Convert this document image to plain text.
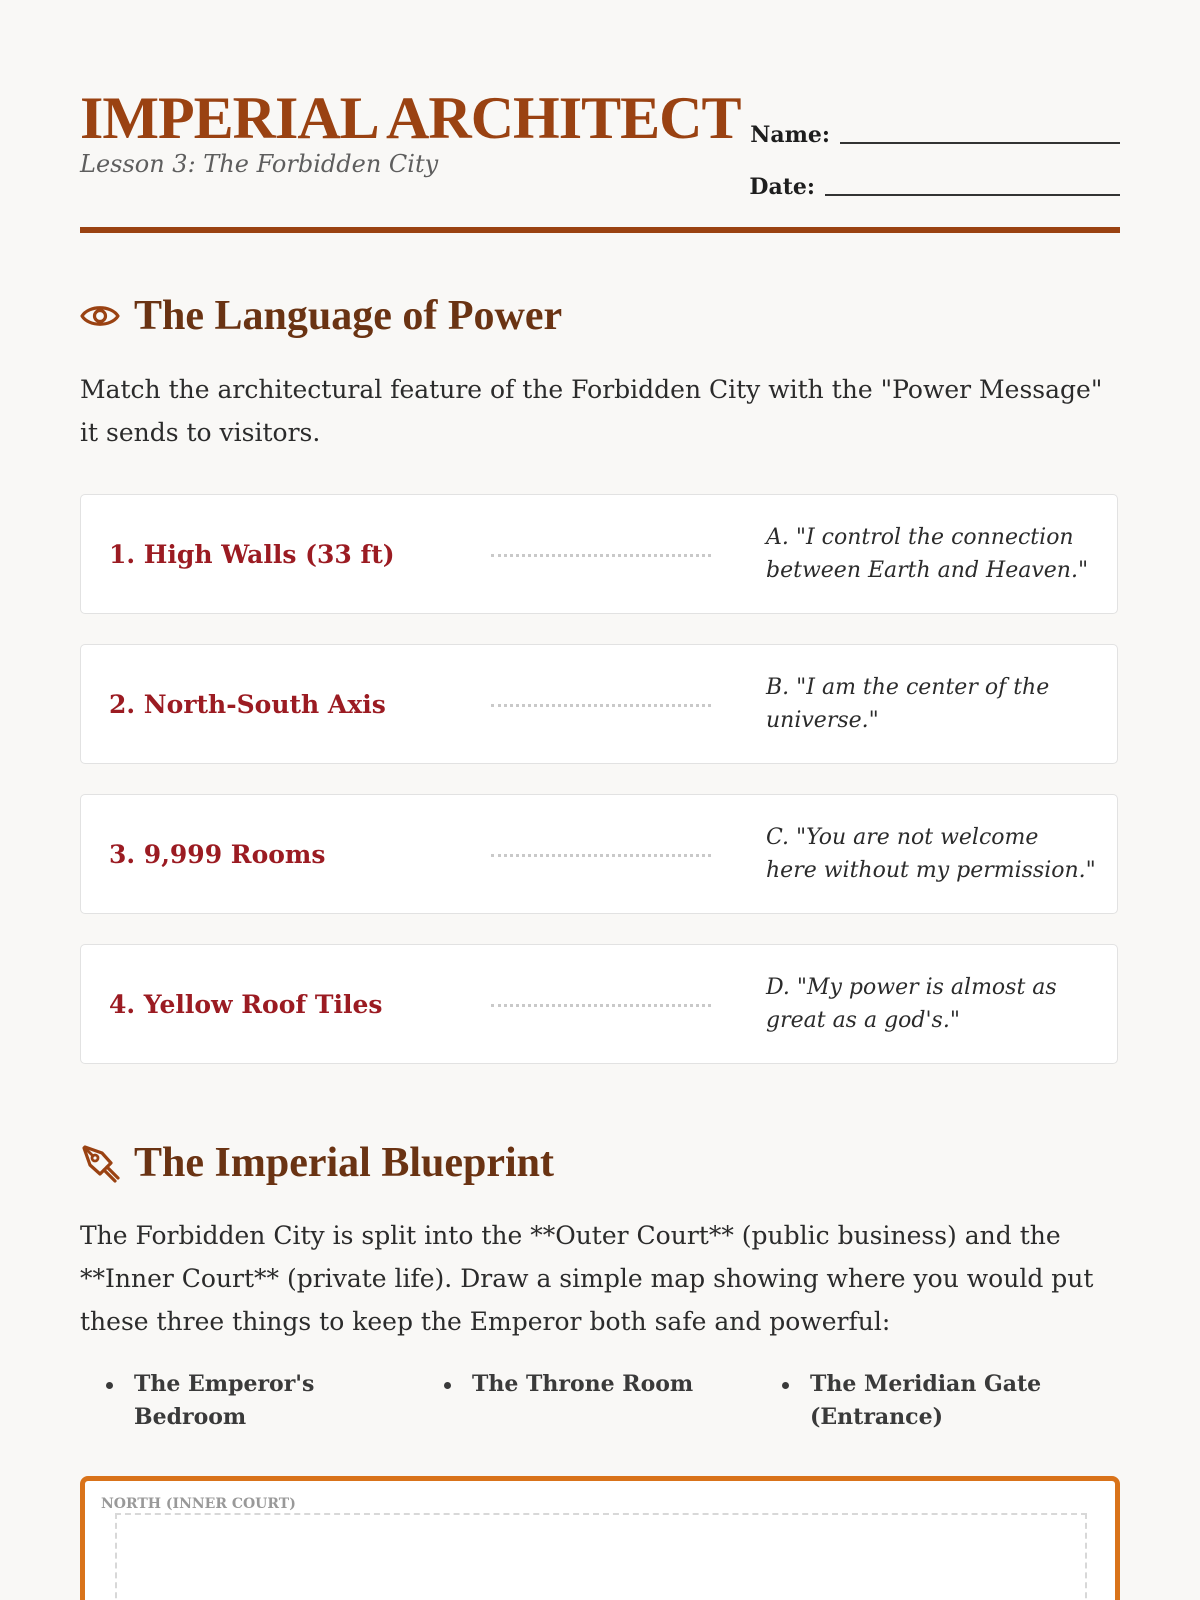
IMPERIAL ARCHITECT
Lesson 3: The Forbidden City
Name:
Date:
The Language of Power

Match the architectural feature of the Forbidden City with the "Power Message" it sends to visitors.

1. High Walls (33 ft)
A. "I control the connection between Earth and Heaven."
2. North-South Axis
B. "I am the center of the universe."
3. 9,999 Rooms
C. "You are not welcome here without my permission."
4. Yellow Roof Tiles
D. "My power is almost as great as a god's."
The Imperial Blueprint

The Forbidden City is split into the **Outer Court** (public business) and the **Inner Court** (private life). Draw a simple map showing where you would put these three things to keep the Emperor both safe and powerful:

The Emperor's Bedroom
The Throne Room	The Meridian Gate (Entrance)
NORTH (INNER COURT)
